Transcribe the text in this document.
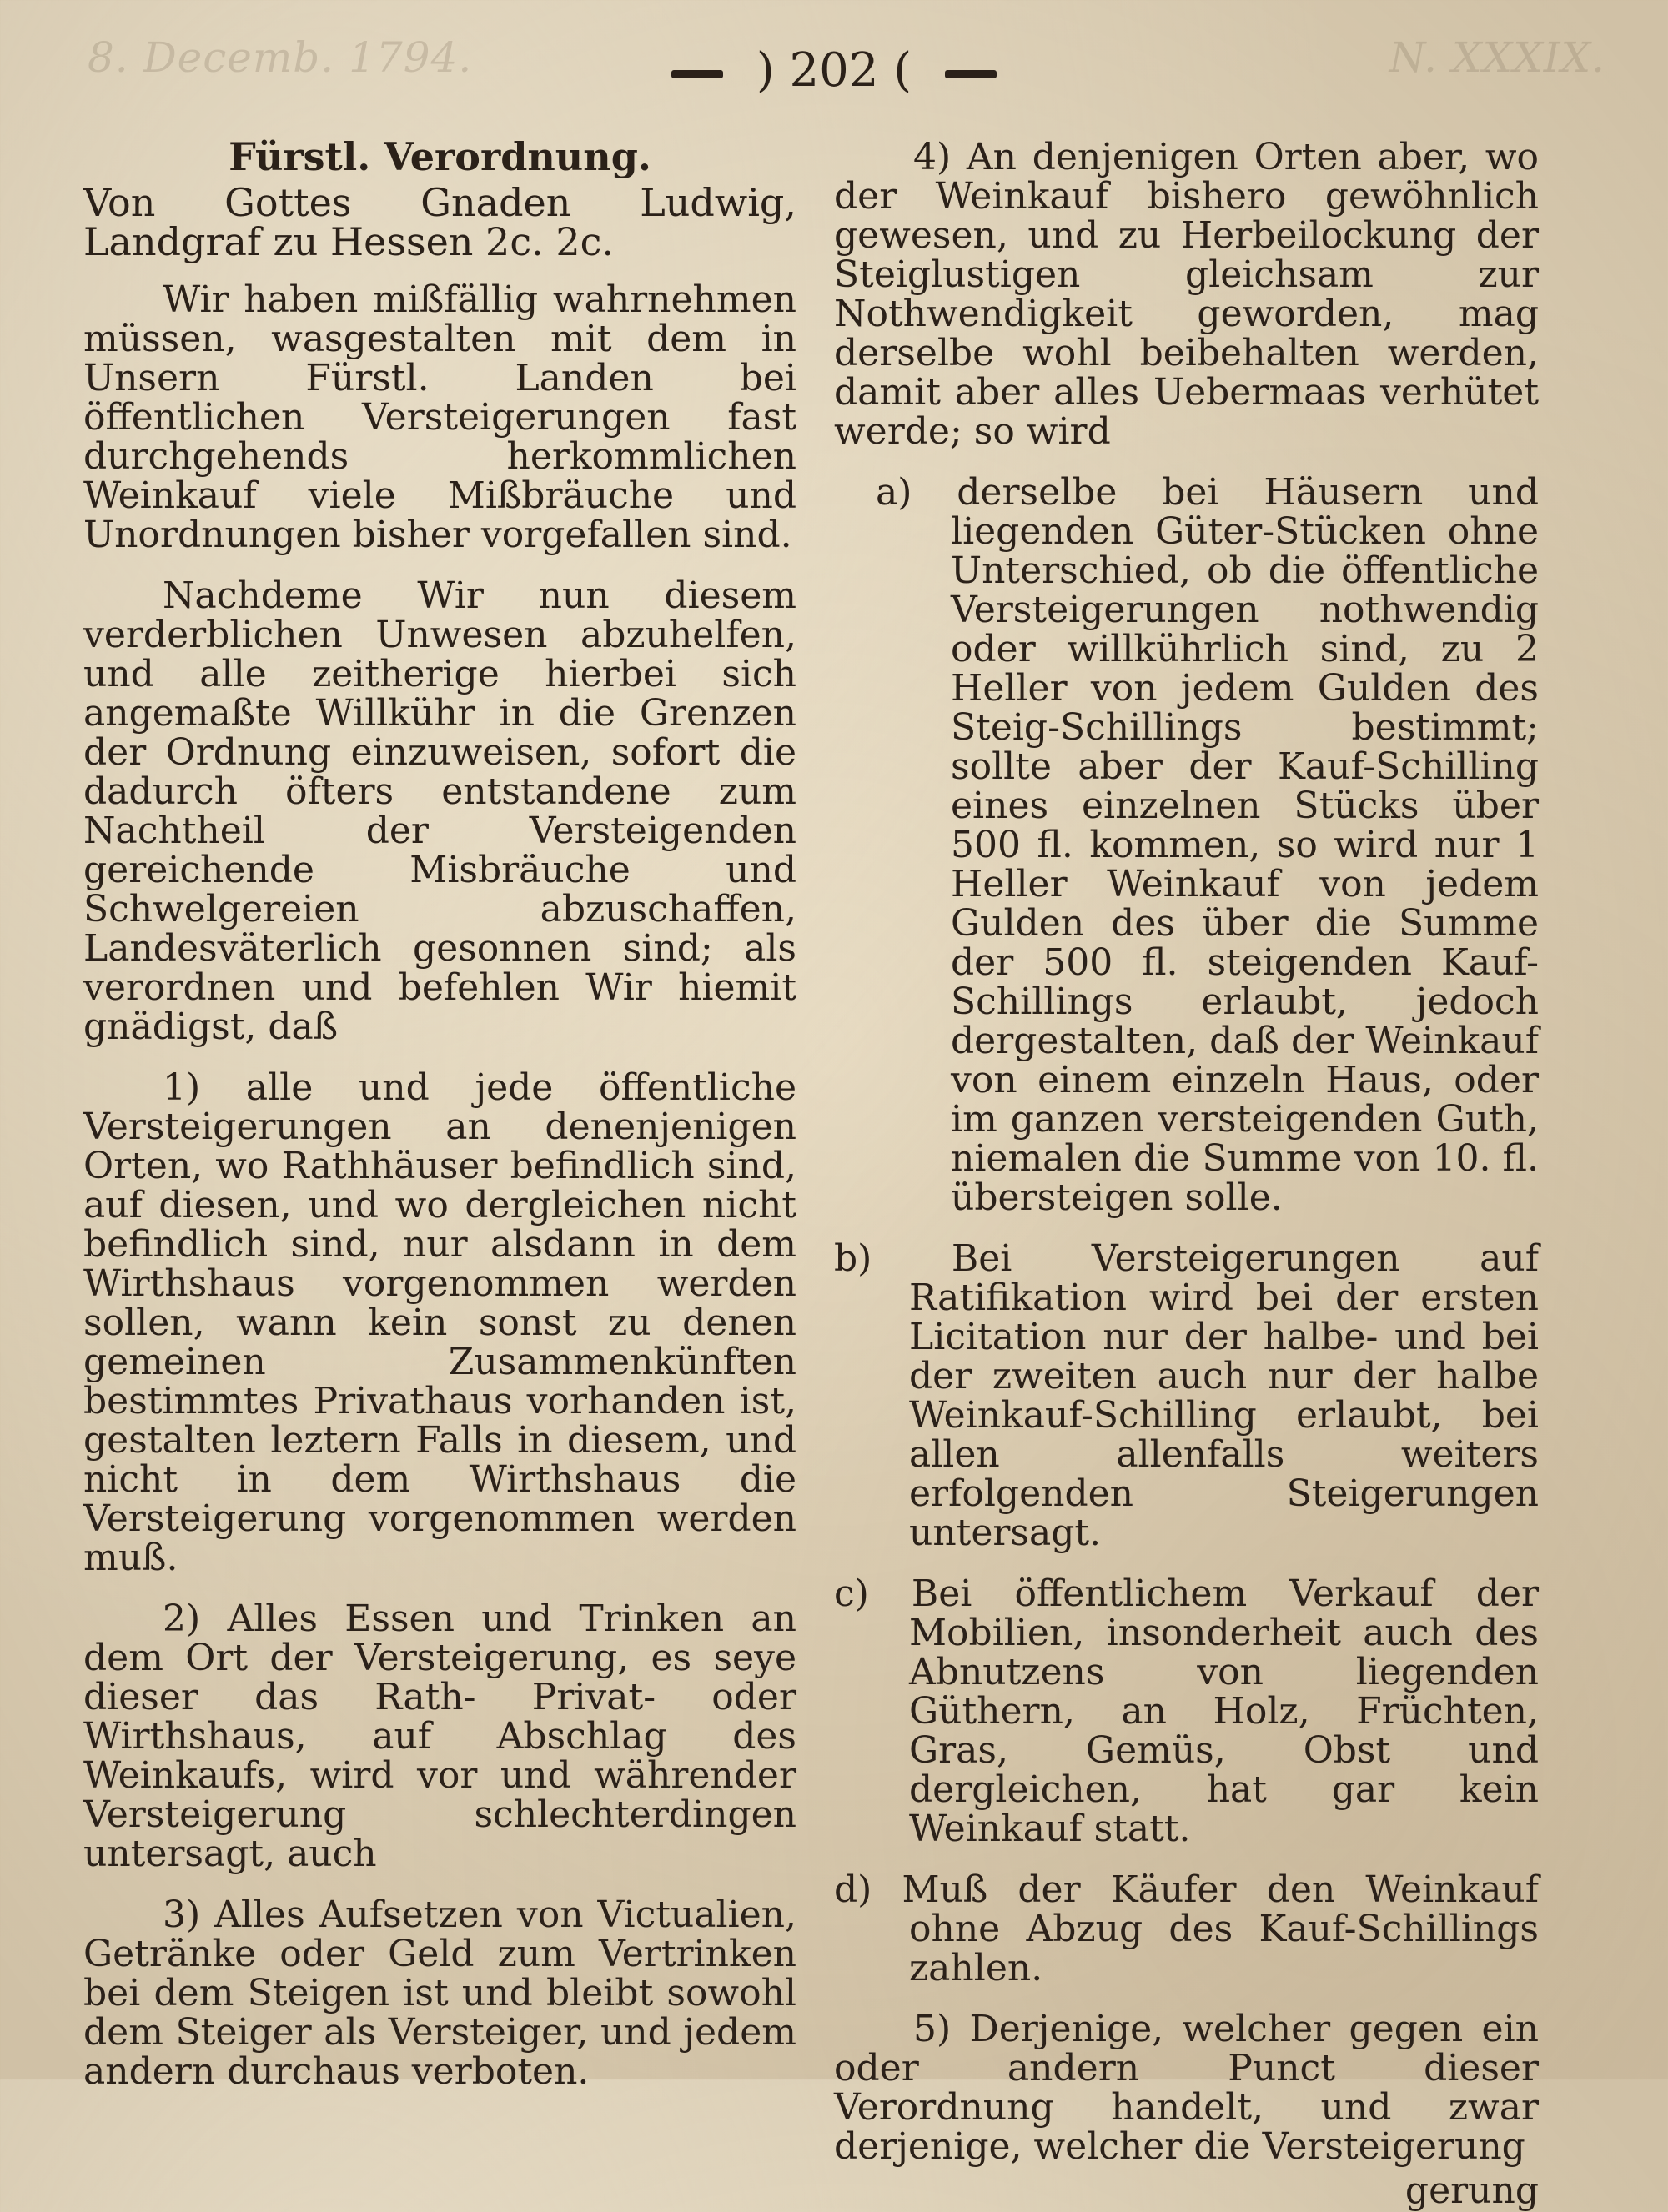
8. Decemb. 1794.	N. XXXIX.
) 202 (

Fürstl. Verordnung.

Von Gottes Gnaden Ludwig, Landgraf zu Hessen 2c. 2c.

Wir haben mißfällig wahrnehmen müssen, wasgestalten mit dem in Unsern Fürstl. Landen bei öffentlichen Versteigerungen fast durchgehends herkommlichen Weinkauf viele Mißbräuche und Unordnungen bisher vorgefallen sind.

Nachdeme Wir nun diesem verderblichen Unwesen abzuhelfen, und alle zeitherige hierbei sich angemaßte Willkühr in die Grenzen der Ordnung einzuweisen, sofort die dadurch öfters entstandene zum Nachtheil der Versteigenden gereichende Misbräuche und Schwelgereien abzuschaffen, Landesväterlich gesonnen sind; als verordnen und befehlen Wir hiemit gnädigst, daß

1) alle und jede öffentliche Versteigerungen an denenjenigen Orten, wo Rathhäuser befindlich sind, auf diesen, und wo dergleichen nicht befindlich sind, nur alsdann in dem Wirthshaus vorgenommen werden sollen, wann kein sonst zu denen gemeinen Zusammenkünften bestimmtes Privathaus vorhanden ist, gestalten leztern Falls in diesem, und nicht in dem Wirthshaus die Versteigerung vorgenommen werden muß.

2) Alles Essen und Trinken an dem Ort der Versteigerung, es seye dieser das Rath- Privat- oder Wirthshaus, auf Abschlag des Weinkaufs, wird vor und währender Versteigerung schlechterdingen untersagt, auch

3) Alles Aufsetzen von Victualien, Getränke oder Geld zum Vertrinken bei dem Steigen ist und bleibt sowohl dem Steiger als Versteiger, und jedem andern durchaus verboten.

4) An denjenigen Orten aber, wo der Weinkauf bishero gewöhnlich gewesen, und zu Herbeilockung der Steiglustigen gleichsam zur Nothwendigkeit geworden, mag derselbe wohl beibehalten werden, damit aber alles Uebermaas verhütet werde; so wird

a) derselbe bei Häusern und liegenden Güter-Stücken ohne Unterschied, ob die öffentliche Versteigerungen nothwendig oder willkührlich sind, zu 2 Heller von jedem Gulden des Steig-Schillings bestimmt; sollte aber der Kauf-Schilling eines einzelnen Stücks über 500 fl. kommen, so wird nur 1 Heller Weinkauf von jedem Gulden des über die Summe der 500 fl. steigenden Kauf-Schillings erlaubt, jedoch dergestalten, daß der Weinkauf von einem einzeln Haus, oder im ganzen versteigenden Guth, niemalen die Summe von 10. fl. übersteigen solle.

b) Bei Versteigerungen auf Ratifikation wird bei der ersten Licitation nur der halbe- und bei der zweiten auch nur der halbe Weinkauf-Schilling erlaubt, bei allen allenfalls weiters erfolgenden Steigerungen untersagt.

c) Bei öffentlichem Verkauf der Mobilien, insonderheit auch des Abnutzens von liegenden Güthern, an Holz, Früchten, Gras, Gemüs, Obst und dergleichen, hat gar kein Weinkauf statt.

d) Muß der Käufer den Weinkauf ohne Abzug des Kauf-Schillings zahlen.

5) Derjenige, welcher gegen ein oder andern Punct dieser Verordnung handelt, und zwar derjenige, welcher die Versteigerung

gerung
